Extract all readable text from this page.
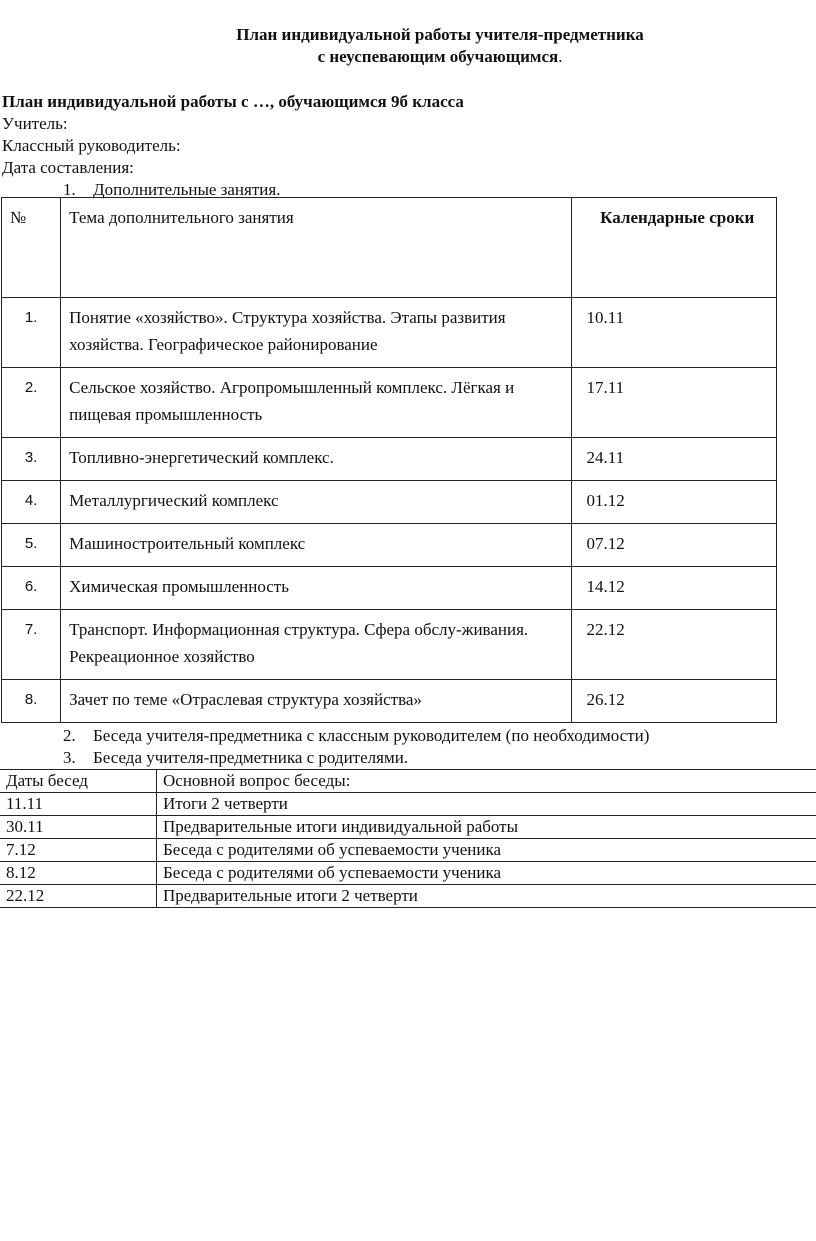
План индивидуальной работы учителя-предметника
с неуспевающим обучающимся.
План индивидуальной работы с …, обучающимся 9б класса
Учитель:
Классный руководитель:
Дата составления:
1. Дополнительные занятия.
№	Тема дополнительного занятия	Календарные сроки
1.	Понятие «хозяйство». Структура хозяйства. Этапы развития хозяйства. Географическое районирование	10.11
2.	Сельское хозяйство. Агропромышленный комплекс. Лёгкая и пищевая промышленность	17.11
3.	Топливно-энергетический комплекс.	24.11
4.	Металлургический комплекс	01.12
5.	Машиностроительный комплекс	07.12
6.	Химическая промышленность	14.12
7.	Транспорт. Информационная структура. Сфера обслу-живания. Рекреационное хозяйство	22.12
8.	Зачет по теме «Отраслевая структура хозяйства»	26.12
2. Беседа учителя-предметника с классным руководителем (по необходимости)
3. Беседа учителя-предметника с родителями.
Даты бесед	Основной вопрос беседы:
11.11	Итоги 2 четверти
30.11	Предварительные итоги индивидуальной работы
7.12	Беседа с родителями об успеваемости ученика
8.12	Беседа с родителями об успеваемости ученика
22.12	Предварительные итоги 2 четверти
